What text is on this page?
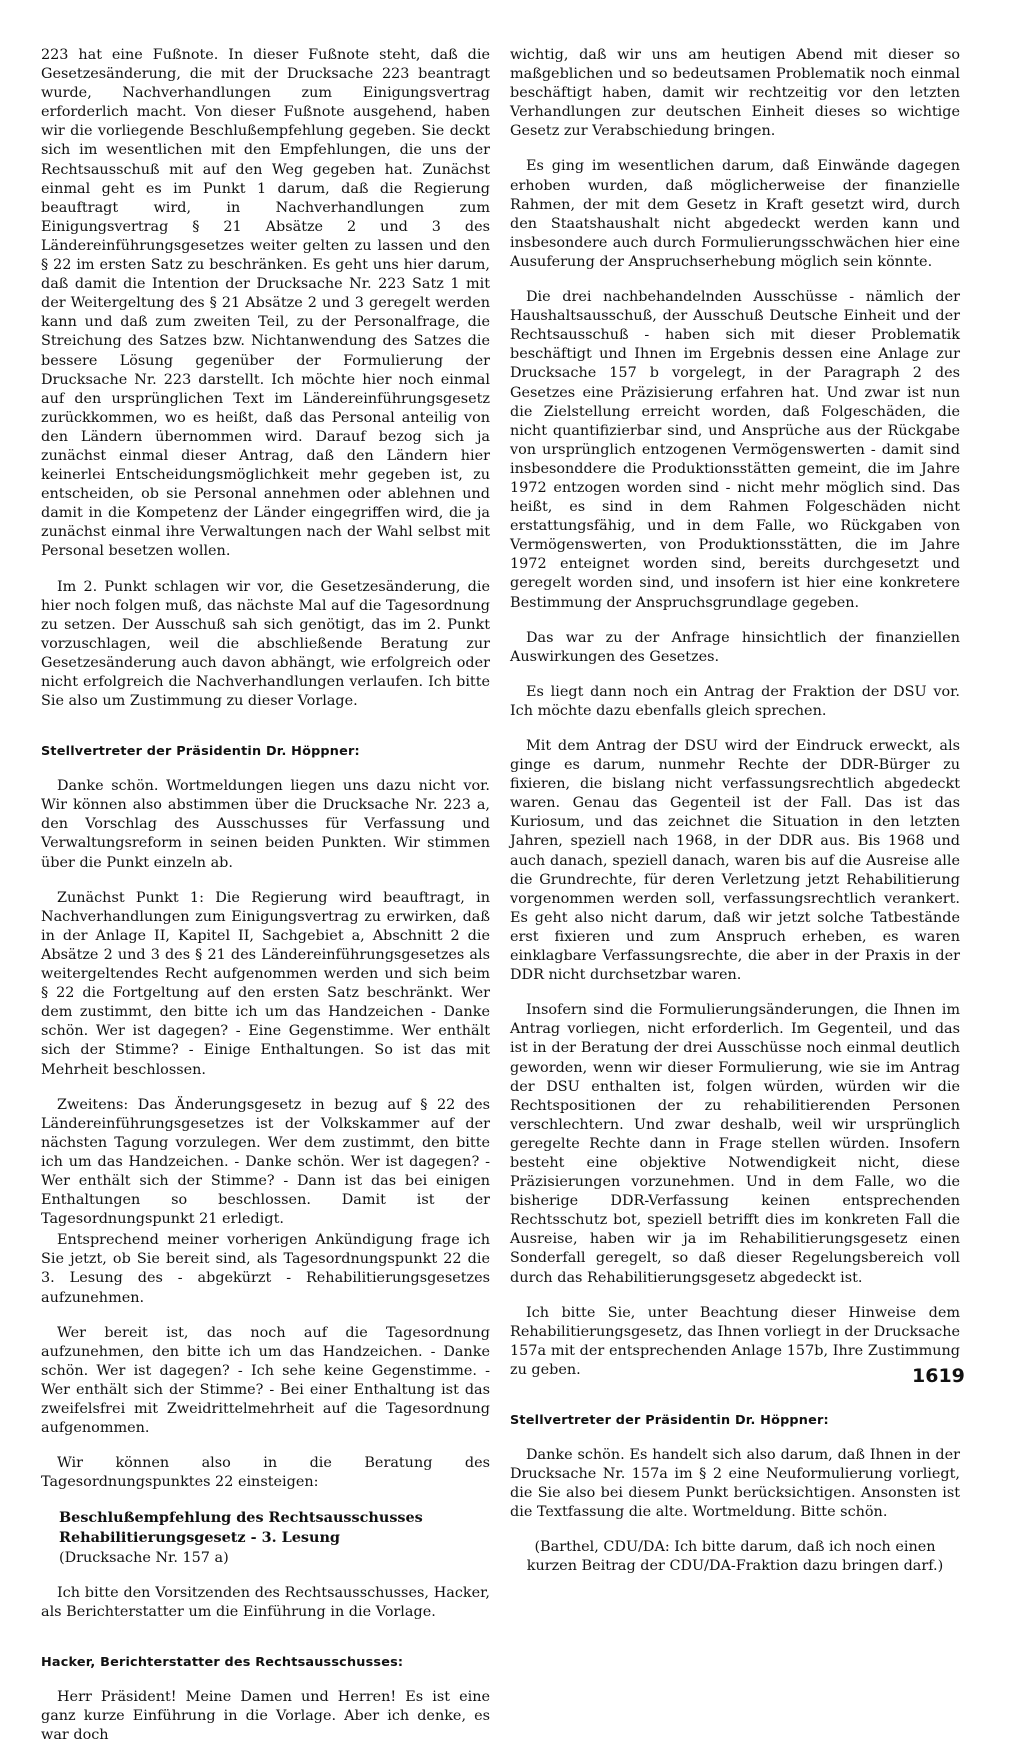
223 hat eine Fußnote. In dieser Fußnote steht, daß die Gesetzesänderung, die mit der Drucksache 223 beantragt wurde, Nachverhandlungen zum Einigungsvertrag erforderlich macht. Von dieser Fußnote ausgehend, haben wir die vorliegende Beschlußempfehlung gegeben. Sie deckt sich im wesentlichen mit den Empfehlungen, die uns der Rechtsausschuß mit auf den Weg gegeben hat. Zunächst einmal geht es im Punkt 1 darum, daß die Regierung beauftragt wird, in Nachverhandlungen zum Einigungsvertrag § 21 Absätze 2 und 3 des Ländereinführungsgesetzes weiter gelten zu lassen und den § 22 im ersten Satz zu beschränken. Es geht uns hier darum, daß damit die Intention der Drucksache Nr. 223 Satz 1 mit der Weitergeltung des § 21 Absätze 2 und 3 geregelt werden kann und daß zum zweiten Teil, zu der Personalfrage, die Streichung des Satzes bzw. Nichtanwendung des Satzes die bessere Lösung gegenüber der Formulierung der Drucksache Nr. 223 darstellt. Ich möchte hier noch einmal auf den ursprünglichen Text im Ländereinführungsgesetz zurückkommen, wo es heißt, daß das Personal anteilig von den Ländern übernommen wird. Darauf bezog sich ja zunächst einmal dieser Antrag, daß den Ländern hier keinerlei Entscheidungsmöglichkeit mehr gegeben ist, zu entscheiden, ob sie Personal annehmen oder ablehnen und damit in die Kompetenz der Länder eingegriffen wird, die ja zunächst einmal ihre Verwaltungen nach der Wahl selbst mit Personal besetzen wollen.

Im 2. Punkt schlagen wir vor, die Gesetzesänderung, die hier noch folgen muß, das nächste Mal auf die Tagesordnung zu setzen. Der Ausschuß sah sich genötigt, das im 2. Punkt vorzuschlagen, weil die abschließende Beratung zur Gesetzesänderung auch davon abhängt, wie erfolgreich oder nicht erfolgreich die Nachverhandlungen verlaufen. Ich bitte Sie also um Zustimmung zu dieser Vorlage.

Stellvertreter der Präsidentin Dr. Höppner:

Danke schön. Wortmeldungen liegen uns dazu nicht vor. Wir können also abstimmen über die Drucksache Nr. 223 a, den Vorschlag des Ausschusses für Verfassung und Verwaltungsreform in seinen beiden Punkten. Wir stimmen über die Punkt einzeln ab.

Zunächst Punkt 1: Die Regierung wird beauftragt, in Nachverhandlungen zum Einigungsvertrag zu erwirken, daß in der Anlage II, Kapitel II, Sachgebiet a, Abschnitt 2 die Absätze 2 und 3 des § 21 des Ländereinführungsgesetzes als weitergeltendes Recht aufgenommen werden und sich beim § 22 die Fortgeltung auf den ersten Satz beschränkt. Wer dem zustimmt, den bitte ich um das Handzeichen - Danke schön. Wer ist dagegen? - Eine Gegenstimme. Wer enthält sich der Stimme? - Einige Enthaltungen. So ist das mit Mehrheit beschlossen.

Zweitens: Das Änderungsgesetz in bezug auf § 22 des Ländereinführungsgesetzes ist der Volkskammer auf der nächsten Tagung vorzulegen. Wer dem zustimmt, den bitte ich um das Handzeichen. - Danke schön. Wer ist dagegen? - Wer enthält sich der Stimme? - Dann ist das bei einigen Enthaltungen so beschlossen. Damit ist der Tagesordnungspunkt 21 erledigt.

Entsprechend meiner vorherigen Ankündigung frage ich Sie jetzt, ob Sie bereit sind, als Tagesordnungspunkt 22 die 3. Lesung des - abgekürzt - Rehabilitierungsgesetzes aufzunehmen.

Wer bereit ist, das noch auf die Tagesordnung aufzunehmen, den bitte ich um das Handzeichen. - Danke schön. Wer ist dagegen? - Ich sehe keine Gegenstimme. - Wer enthält sich der Stimme? - Bei einer Enthaltung ist das zweifelsfrei mit Zweidrittelmehrheit auf die Tagesordnung aufgenommen.

Wir können also in die Beratung des Tagesordnungspunktes 22 einsteigen:

Beschlußempfehlung des Rechtsausschusses
Rehabilitierungsgesetz - 3. Lesung
(Drucksache Nr. 157 a)

Ich bitte den Vorsitzenden des Rechtsausschusses, Hacker, als Berichterstatter um die Einführung in die Vorlage.

Hacker, Berichterstatter des Rechtsausschusses:

Herr Präsident! Meine Damen und Herren! Es ist eine ganz kurze Einführung in die Vorlage. Aber ich denke, es war doch

wichtig, daß wir uns am heutigen Abend mit dieser so maßgeblichen und so bedeutsamen Problematik noch einmal beschäftigt haben, damit wir rechtzeitig vor den letzten Verhandlungen zur deutschen Einheit dieses so wichtige Gesetz zur Verabschiedung bringen.

Es ging im wesentlichen darum, daß Einwände dagegen erhoben wurden, daß möglicherweise der finanzielle Rahmen, der mit dem Gesetz in Kraft gesetzt wird, durch den Staatshaushalt nicht abgedeckt werden kann und insbesondere auch durch Formulierungsschwächen hier eine Ausuferung der Anspruchserhebung möglich sein könnte.

Die drei nachbehandelnden Ausschüsse - nämlich der Haushaltsausschuß, der Ausschuß Deutsche Einheit und der Rechtsausschuß - haben sich mit dieser Problematik beschäftigt und Ihnen im Ergebnis dessen eine Anlage zur Drucksache 157 b vorgelegt, in der Paragraph 2 des Gesetzes eine Präzisierung erfahren hat. Und zwar ist nun die Zielstellung erreicht worden, daß Folgeschäden, die nicht quantifizierbar sind, und Ansprüche aus der Rückgabe von ursprünglich entzogenen Vermögenswerten - damit sind insbesonddere die Produktionsstätten gemeint, die im Jahre 1972 entzogen worden sind - nicht mehr möglich sind. Das heißt, es sind in dem Rahmen Folgeschäden nicht erstattungsfähig, und in dem Falle, wo Rückgaben von Vermögenswerten, von Produktionsstätten, die im Jahre 1972 enteignet worden sind, bereits durchgesetzt und geregelt worden sind, und insofern ist hier eine konkretere Bestimmung der Anspruchsgrundlage gegeben.

Das war zu der Anfrage hinsichtlich der finanziellen Auswirkungen des Gesetzes.

Es liegt dann noch ein Antrag der Fraktion der DSU vor. Ich möchte dazu ebenfalls gleich sprechen.

Mit dem Antrag der DSU wird der Eindruck erweckt, als ginge es darum, nunmehr Rechte der DDR-Bürger zu fixieren, die bislang nicht verfassungsrechtlich abgedeckt waren. Genau das Gegenteil ist der Fall. Das ist das Kuriosum, und das zeichnet die Situation in den letzten Jahren, speziell nach 1968, in der DDR aus. Bis 1968 und auch danach, speziell danach, waren bis auf die Ausreise alle die Grundrechte, für deren Verletzung jetzt Rehabilitierung vorgenommen werden soll, verfassungsrechtlich verankert. Es geht also nicht darum, daß wir jetzt solche Tatbestände erst fixieren und zum Anspruch erheben, es waren einklagbare Verfassungsrechte, die aber in der Praxis in der DDR nicht durchsetzbar waren.

Insofern sind die Formulierungsänderungen, die Ihnen im Antrag vorliegen, nicht erforderlich. Im Gegenteil, und das ist in der Beratung der drei Ausschüsse noch einmal deutlich geworden, wenn wir dieser Formulierung, wie sie im Antrag der DSU enthalten ist, folgen würden, würden wir die Rechtspositionen der zu rehabilitierenden Personen verschlechtern. Und zwar deshalb, weil wir ursprünglich geregelte Rechte dann in Frage stellen würden. Insofern besteht eine objektive Notwendigkeit nicht, diese Präzisierungen vorzunehmen. Und in dem Falle, wo die bisherige DDR-Verfassung keinen entsprechenden Rechtsschutz bot, speziell betrifft dies im konkreten Fall die Ausreise, haben wir ja im Rehabilitierungsgesetz einen Sonderfall geregelt, so daß dieser Regelungsbereich voll durch das Rehabilitierungsgesetz abgedeckt ist.

Ich bitte Sie, unter Beachtung dieser Hinweise dem Rehabilitierungsgesetz, das Ihnen vorliegt in der Drucksache 157a mit der entsprechenden Anlage 157b, Ihre Zustimmung zu geben.

Stellvertreter der Präsidentin Dr. Höppner:

Danke schön. Es handelt sich also darum, daß Ihnen in der Drucksache Nr. 157a im § 2 eine Neuformulierung vorliegt, die Sie also bei diesem Punkt berücksichtigen. Ansonsten ist die Textfassung die alte. Wortmeldung. Bitte schön.

(Barthel, CDU/DA: Ich bitte darum, daß ich noch einen kurzen Beitrag der CDU/DA-Fraktion dazu bringen darf.)

1619
